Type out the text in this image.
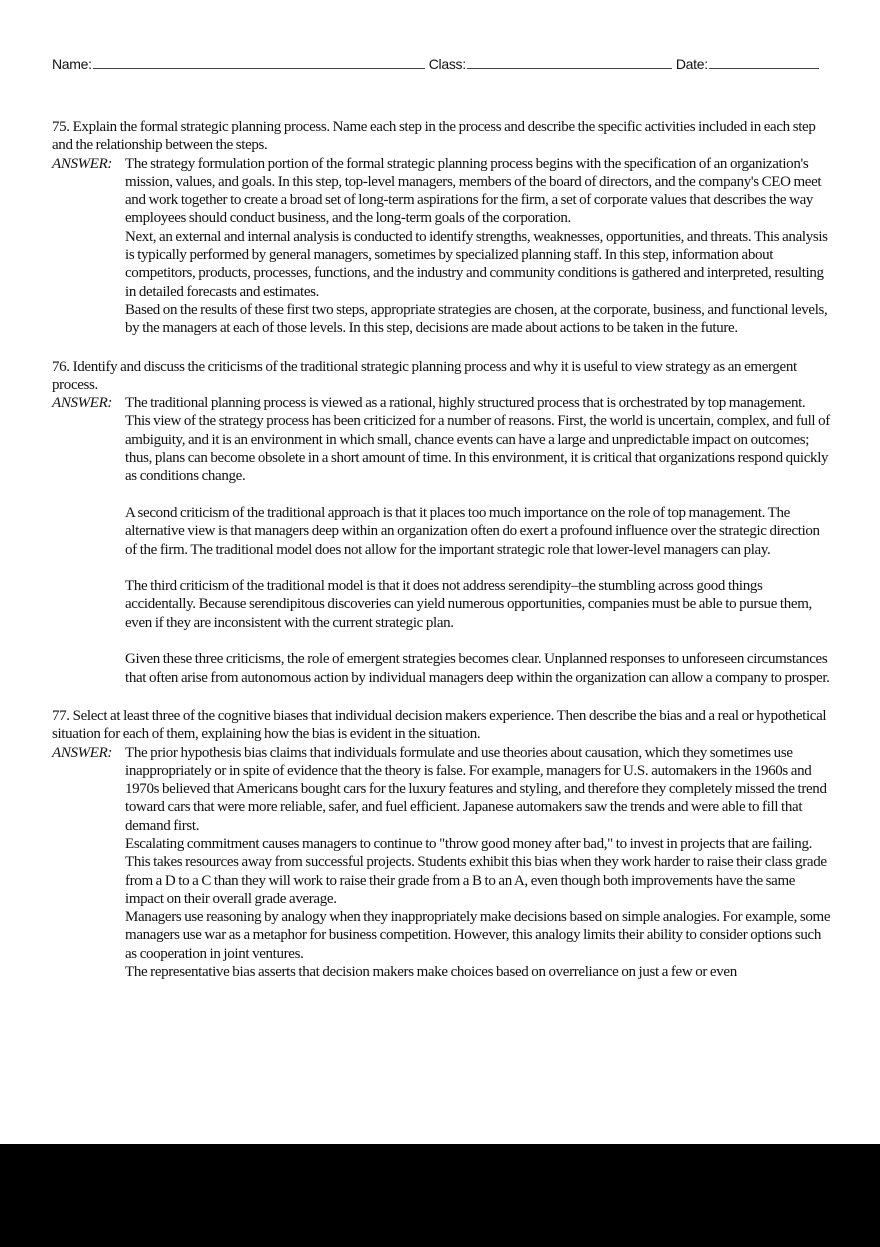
Name:	Class:	Date:

75. Explain the formal strategic planning process. Name each step in the process and describe the specific activities included in each step and the relationship between the steps.

ANSWER: The strategy formulation portion of the formal strategic planning process begins with the specification of an organization's mission, values, and goals. In this step, top-level managers, members of the board of directors, and the company's CEO meet and work together to create a broad set of long-term aspirations for the firm, a set of corporate values that describes the way employees should conduct business, and the long-term goals of the corporation.

Next, an external and internal analysis is conducted to identify strengths, weaknesses, opportunities, and threats. This analysis is typically performed by general managers, sometimes by specialized planning staff. In this step, information about competitors, products, processes, functions, and the industry and community conditions is gathered and interpreted, resulting in detailed forecasts and estimates.

Based on the results of these first two steps, appropriate strategies are chosen, at the corporate, business, and functional levels, by the managers at each of those levels. In this step, decisions are made about actions to be taken in the future.

76. Identify and discuss the criticisms of the traditional strategic planning process and why it is useful to view strategy as an emergent process.

ANSWER: The traditional planning process is viewed as a rational, highly structured process that is orchestrated by top management. This view of the strategy process has been criticized for a number of reasons. First, the world is uncertain, complex, and full of ambiguity, and it is an environment in which small, chance events can have a large and unpredictable impact on outcomes; thus, plans can become obsolete in a short amount of time. In this environment, it is critical that organizations respond quickly as conditions change.

A second criticism of the traditional approach is that it places too much importance on the role of top management. The alternative view is that managers deep within an organization often do exert a profound influence over the strategic direction of the firm. The traditional model does not allow for the important strategic role that lower-level managers can play.

The third criticism of the traditional model is that it does not address serendipity–the stumbling across good things accidentally. Because serendipitous discoveries can yield numerous opportunities, companies must be able to pursue them, even if they are inconsistent with the current strategic plan.

Given these three criticisms, the role of emergent strategies becomes clear. Unplanned responses to unforeseen circumstances that often arise from autonomous action by individual managers deep within the organization can allow a company to prosper.

77. Select at least three of the cognitive biases that individual decision makers experience. Then describe the bias and a real or hypothetical situation for each of them, explaining how the bias is evident in the situation.

ANSWER: The prior hypothesis bias claims that individuals formulate and use theories about causation, which they sometimes use inappropriately or in spite of evidence that the theory is false. For example, managers for U.S. automakers in the 1960s and 1970s believed that Americans bought cars for the luxury features and styling, and therefore they completely missed the trend toward cars that were more reliable, safer, and fuel efficient. Japanese automakers saw the trends and were able to fill that demand first.

Escalating commitment causes managers to continue to "throw good money after bad," to invest in projects that are failing. This takes resources away from successful projects. Students exhibit this bias when they work harder to raise their class grade from a D to a C than they will work to raise their grade from a B to an A, even though both improvements have the same impact on their overall grade average.

Managers use reasoning by analogy when they inappropriately make decisions based on simple analogies. For example, some managers use war as a metaphor for business competition. However, this analogy limits their ability to consider options such as cooperation in joint ventures.

The representative bias asserts that decision makers make choices based on overreliance on just a few or even
